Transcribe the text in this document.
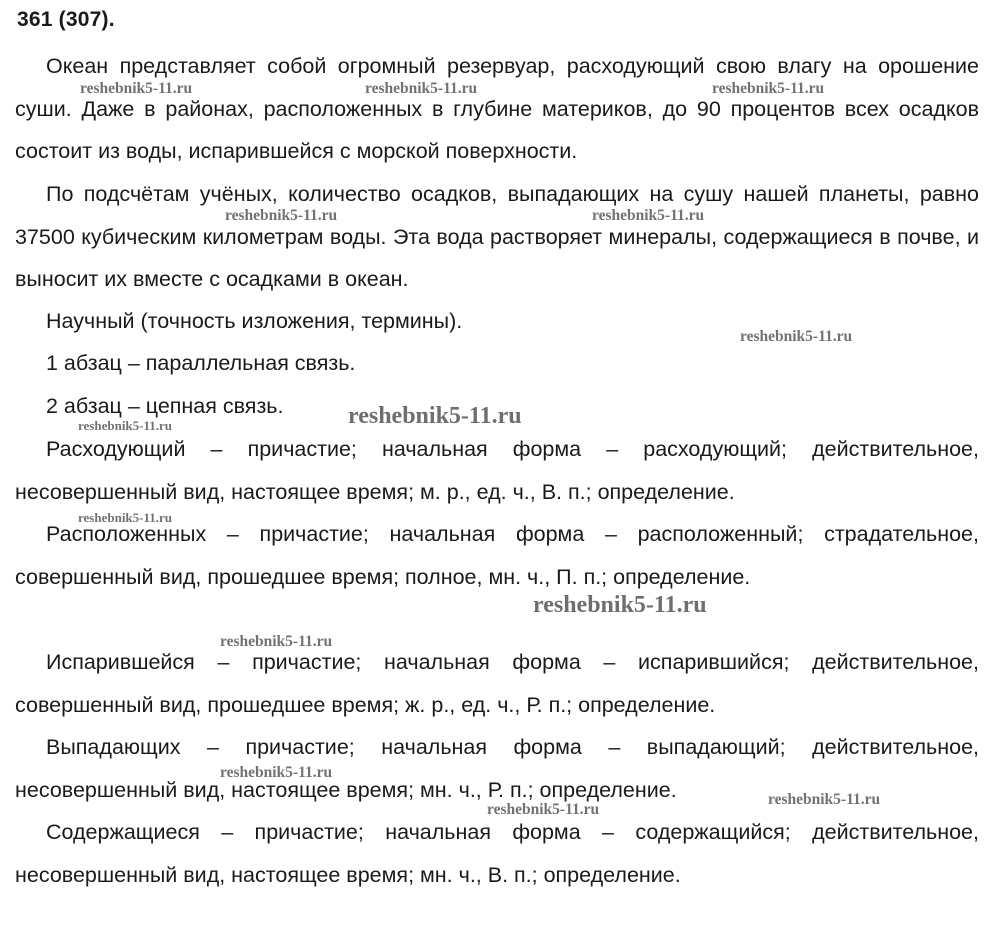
361 (307).

Океан представляет собой огромный резервуар, расходующий свою влагу на орошение суши. Даже в районах, расположенных в глубине материков, до 90 процентов всех осадков состоит из воды, испарившейся с морской поверхности.

По подсчётам учёных, количество осадков, выпадающих на сушу нашей планеты, равно 37500 кубическим километрам воды. Эта вода растворяет минералы, содержащиеся в почве, и выносит их вместе с осадками в океан.

Научный (точность изложения, термины).

1 абзац – параллельная связь.

2 абзац – цепная связь.

Расходующий – причастие; начальная форма – расходующий; действительное, несовершенный вид, настоящее время; м. р., ед. ч., В. п.; определение.

Расположенных – причастие; начальная форма – расположенный; страдательное, совершенный вид, прошедшее время; полное, мн. ч., П. п.; определение.

Испарившейся – причастие; начальная форма – испарившийся; действительное, совершенный вид, прошедшее время; ж. р., ед. ч., Р. п.; определение.

Выпадающих – причастие; начальная форма – выпадающий; действительное, несовершенный вид, настоящее время; мн. ч., Р. п.; определение.

Содержащиеся – причастие; начальная форма – содержащийся; действительное, несовершенный вид, настоящее время; мн. ч., В. п.; определение.

reshebnik5-11.ru	reshebnik5-11.ru	reshebnik5-11.ru
reshebnik5-11.ru	reshebnik5-11.ru
reshebnik5-11.ru
reshebnik5-11.ru	reshebnik5-11.ru
reshebnik5-11.ru
reshebnik5-11.ru
reshebnik5-11.ru
reshebnik5-11.ru
reshebnik5-11.ru
reshebnik5-11.ru
